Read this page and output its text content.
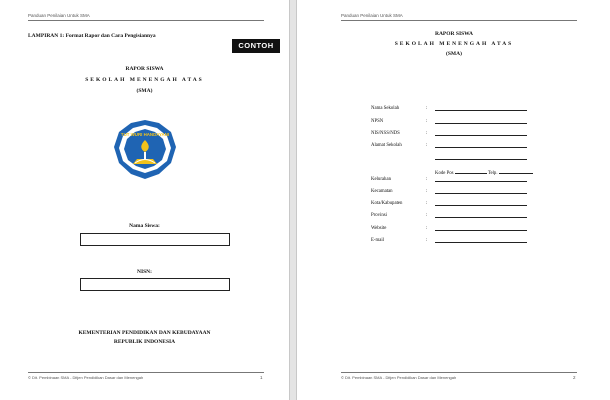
Panduan Penilaian Untuk SMA
LAMPIRAN 1: Format Rapor dan Cara Pengisiannya
CONTOH
RAPOR SISWA
SEKOLAH MENENGAH ATAS
(SMA)
TUT WURI HANDAYANI
Nama Siswa:
NISN:
KEMENTERIAN PENDIDIKAN DAN KEBUDAYAAN
REPUBLIK INDONESIA
© Dit. Pembinaan SMA - Ditjen Pendidikan Dasar dan Menengah	1
Panduan Penilaian Untuk SMA
RAPOR SISWA
SEKOLAH MENENGAH ATAS
(SMA)
Nama Sekolah	:
NPSN	:
NIS/NSS/NDS	:
Alamat Sekolah	:
Kode Pos	Telp.
Kelurahan	:
Kecamatan	:
Kota/Kabupaten	:
Provinsi	:
Website	:
E-mail	:
© Dit. Pembinaan SMA - Ditjen Pendidikan Dasar dan Menengah	2
